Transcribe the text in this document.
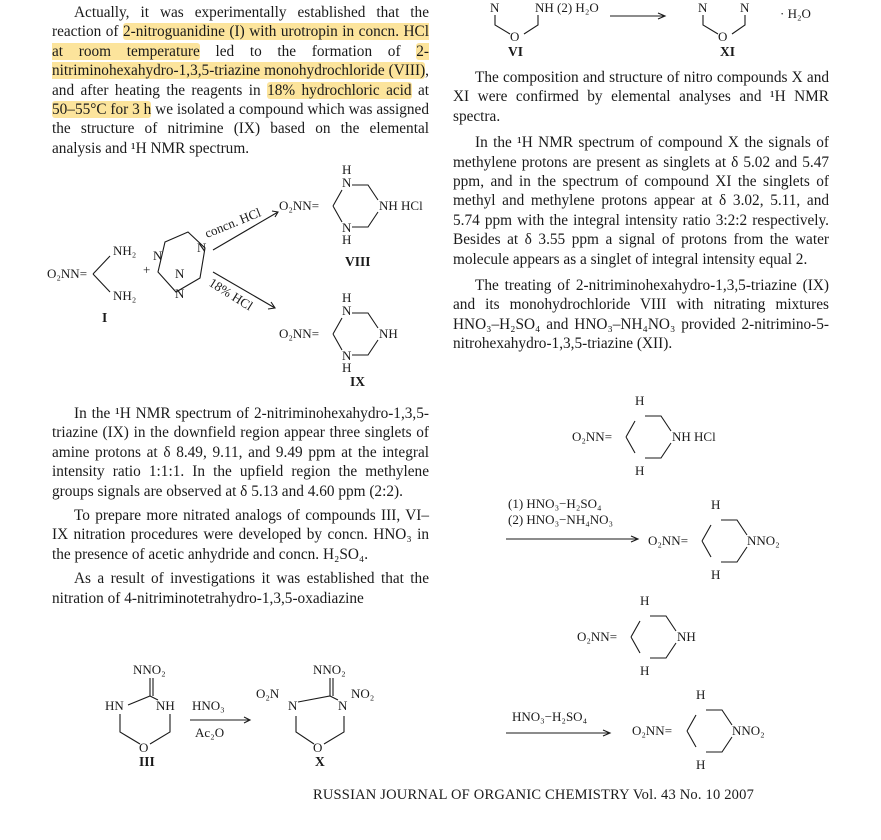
Actually, it was experimentally established that the reaction of 2-nitroguanidine (I) with urotropin in concn. HCl at room temperature led to the formation of 2-nitriminohexahydro-1,3,5-triazine monohydrochloride (VIII), and after heating the reagents in 18% hydrochloric acid at 50–55°C for 3 h we isolated a compound which was assigned the structure of nitrimine (IX) based on the elemental analysis and ¹H NMR spectrum.

NH₂
O₂NN=
NH₂
I
+
N
N
N
N
concn. HCl
18% HCl
O₂NN=
H
N
NH HCl
N
H
VIII
O₂NN=
H
N
NH
N
H
IX

In the ¹H NMR spectrum of 2-nitriminohexahydro-1,3,5-triazine (IX) in the downfield region appear three singlets of amine protons at δ 8.49, 9.11, and 9.49 ppm at the integral intensity ratio 1:1:1. In the upfield region the methylene groups signals are observed at δ 5.13 and 4.60 ppm (2:2).

To prepare more nitrated analogs of compounds III, VI–IX nitration procedures were developed by concn. HNO₃ in the presence of acetic anhydride and concn. H₂SO₄.

As a result of investigations it was established that the nitration of 4-nitriminotetrahydro-1,3,5-oxadiazine

NNO₂
HN NH
O
III
HNO₃
Ac₂O
NNO₂
O₂N
N	N
NO₂
O
X
N	NH (2) H₂O
O
VI
N	N
O
· H₂O
XI

The composition and structure of nitro compounds X and XI were confirmed by elemental analyses and ¹H NMR spectra.

In the ¹H NMR spectrum of compound X the signals of methylene protons are present as singlets at δ 5.02 and 5.47 ppm, and in the spectrum of compound XI the singlets of methyl and methylene protons appear at δ 3.02, 5.11, and 5.74 ppm with the integral intensity ratio 3:2:2 respectively. Besides at δ 3.55 ppm a signal of protons from the water molecule appears as a singlet of integral intensity equal 2.

The treating of 2-nitriminohexahydro-1,3,5-triazine (IX) and its monohydrochloride VIII with nitrating mixtures HNO₃–H₂SO₄ and HNO₃–NH₄NO₃ provided 2-nitrimino-5-nitrohexahydro-1,3,5-triazine (XII).

O₂NN=
H
NH HCl
H
(1) HNO₃−H₂SO₄
(2) HNO₃−NH₄NO₃
O₂NN=
H
NNO₂
H
O₂NN=
H
NH
H
HNO₃−H₂SO₄
O₂NN=
H
NNO₂
H
RUSSIAN JOURNAL OF ORGANIC CHEMISTRY Vol. 43 No. 10 2007
